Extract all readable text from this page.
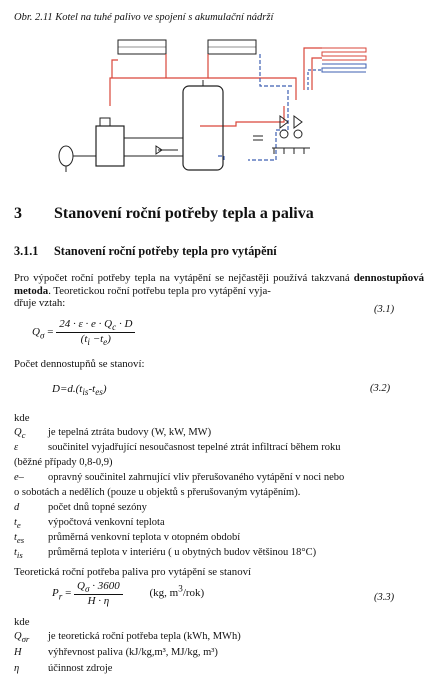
Obr. 2.11 Kotel na tuhé palivo ve spojení s akumulační nádrží
3 Stanovení roční potřeby tepla a paliva
3.1.1 Stanovení roční potřeby tepla pro vytápění
Pro výpočet roční potřeby tepla na vytápění se nejčastěji používá takzvaná dennostupňová metoda. Teoretickou roční potřebu tepla pro vytápění vyja-
dřuje vztah:
(3.1)
$Q_\sigma = \frac{24 \cdot \varepsilon \cdot e \cdot Q_c \cdot D}{(t_i -t_e)}$
Počet dennostupňů se stanoví:
$D=d.(t_{is}-t_{es})$	(3.2)
kde
$Q_c$	je tepelná ztráta budovy (W, kW, MW)
ε	součinitel vyjadřující nesoučasnost tepelné ztrát infiltrací během roku
(běžné případy 0,8-0,9)
e–	opravný součinitel zahrnující vliv přerušovaného vytápění v noci nebo
o sobotách a nedělích (pouze u objektů s přerušovaným vytápěním).
d	počet dnů topné sezóny
$t_e$	výpočtová venkovní teplota
$t_{es}$	průměrná venkovní teplota v otopném období
$t_{is}$	průměrná teplota v interiéru ( u obytných budov většinou 18°C)
Teoretická roční potřeba paliva pro vytápění se stanoví
$P_r = \frac{Q_\sigma \cdot 3600}{H \cdot \eta} (kg$, $m^3/rok$)	(3.3)
kde
$Q_{\sigma r}$	je teoretická roční potřeba tepla (kWh, MWh)
H	výhřevnost paliva (kJ/kg,m³, MJ/kg, m³)
η	účinnost zdroje
